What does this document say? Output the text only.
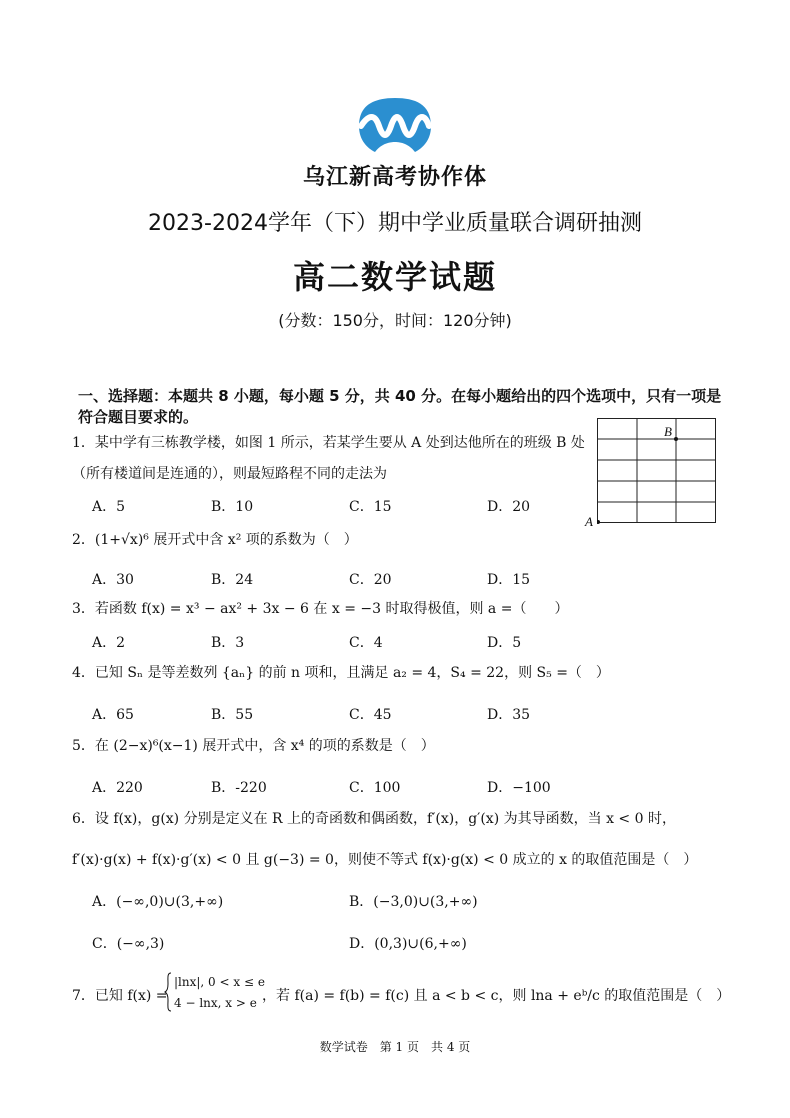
乌江新高考协作体
2023-2024学年（下）期中学业质量联合调研抽测
高二数学试题
(分数：150分，时间：120分钟)
一、选择题：本题共 8 小题，每小题 5 分，共 40 分。在每小题给出的四个选项中，只有一项是符合题目要求的。
B
A
1．某中学有三栋教学楼，如图 1 所示，若某学生要从 A 处到达他所在的班级 B 处
（所有楼道间是连通的），则最短路程不同的走法为
A．5	B．10	C．15	D．20
2．(1+√x)⁶ 展开式中含 x² 项的系数为（　）
A．30	B．24	C．20	D．15
3．若函数 f(x) = x³ − ax² + 3x − 6 在 x = −3 时取得极值，则 a =（　　）
A．2	B．3	C．4	D．5
4．已知 Sₙ 是等差数列 {aₙ} 的前 n 项和，且满足 a₂ = 4，S₄ = 22，则 S₅ =（　）
A．65	B．55	C．45	D．35
5．在 (2−x)⁶(x−1) 展开式中，含 x⁴ 的项的系数是（　）
A．220	B．-220	C．100	D．−100
6．设 f(x)，g(x) 分别是定义在 R 上的奇函数和偶函数，f′(x)，g′(x) 为其导函数，当 x < 0 时，
f′(x)·g(x) + f(x)·g′(x) < 0 且 g(−3) = 0，则使不等式 f(x)·g(x) < 0 成立的 x 的取值范围是（　）
A．(−∞,0)∪(3,+∞)	B．(−3,0)∪(3,+∞)
C．(−∞,3)	D．(0,3)∪(6,+∞)
7．已知 f(x) =
|lnx|, 0 < x ≤ e
4 − lnx, x > e ，若 f(a) = f(b) = f(c) 且 a < b < c，则 lna + eᵇ/c 的取值范围是（　）
数学试卷　第 1 页　共 4 页
